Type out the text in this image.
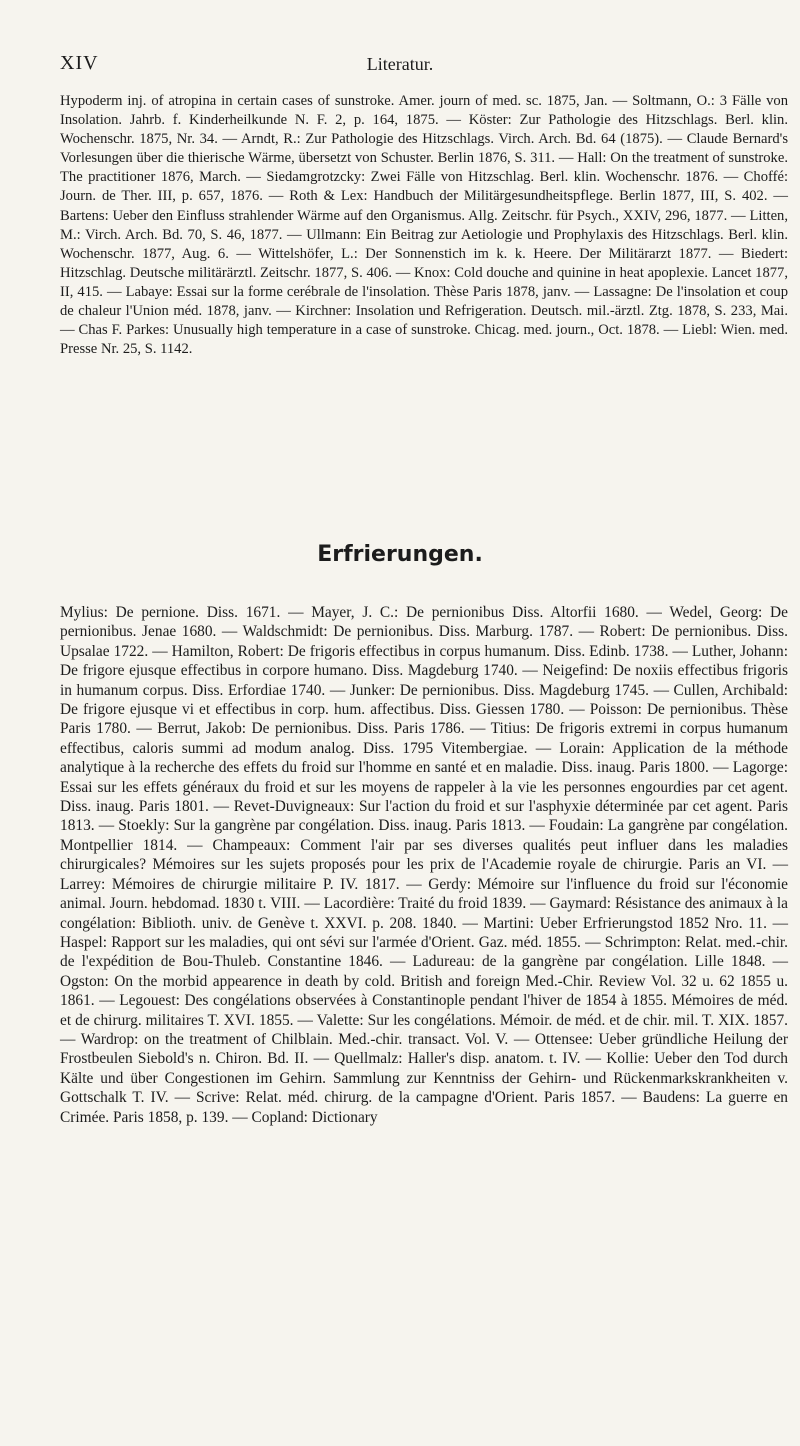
XIV	Literatur.

Hypoderm inj. of atropina in certain cases of sunstroke. Amer. journ of med. sc. 1875, Jan. — Soltmann, O.: 3 Fälle von Insolation. Jahrb. f. Kinderheilkunde N. F. 2, p. 164, 1875. — Köster: Zur Pathologie des Hitzschlags. Berl. klin. Wochenschr. 1875, Nr. 34. — Arndt, R.: Zur Pathologie des Hitzschlags. Virch. Arch. Bd. 64 (1875). — Claude Bernard's Vorlesungen über die thierische Wärme, übersetzt von Schuster. Berlin 1876, S. 311. — Hall: On the treatment of sunstroke. The practitioner 1876, March. — Siedamgrotzcky: Zwei Fälle von Hitzschlag. Berl. klin. Wochenschr. 1876. — Choffé: Journ. de Ther. III, p. 657, 1876. — Roth & Lex: Handbuch der Militärgesundheitspflege. Berlin 1877, III, S. 402. — Bartens: Ueber den Einfluss strahlender Wärme auf den Organismus. Allg. Zeitschr. für Psych., XXIV, 296, 1877. — Litten, M.: Virch. Arch. Bd. 70, S. 46, 1877. — Ullmann: Ein Beitrag zur Aetiologie und Prophylaxis des Hitzschlags. Berl. klin. Wochenschr. 1877, Aug. 6. — Wittelshöfer, L.: Der Sonnenstich im k. k. Heere. Der Militärarzt 1877. — Biedert: Hitzschlag. Deutsche militärärztl. Zeitschr. 1877, S. 406. — Knox: Cold douche and quinine in heat apoplexie. Lancet 1877, II, 415. — Labaye: Essai sur la forme cerébrale de l'insolation. Thèse Paris 1878, janv. — Lassagne: De l'insolation et coup de chaleur l'Union méd. 1878, janv. — Kirchner: Insolation und Refrigeration. Deutsch. mil.-ärztl. Ztg. 1878, S. 233, Mai. — Chas F. Parkes: Unusually high temperature in a case of sunstroke. Chicag. med. journ., Oct. 1878. — Liebl: Wien. med. Presse Nr. 25, S. 1142.

Erfrierungen.

Mylius: De pernione. Diss. 1671. — Mayer, J. C.: De pernionibus Diss. Altorfii 1680. — Wedel, Georg: De pernionibus. Jenae 1680. — Waldschmidt: De pernionibus. Diss. Marburg. 1787. — Robert: De pernionibus. Diss. Upsalae 1722. — Hamilton, Robert: De frigoris effectibus in corpus humanum. Diss. Edinb. 1738. — Luther, Johann: De frigore ejusque effectibus in corpore humano. Diss. Magdeburg 1740. — Neigefind: De noxiis effectibus frigoris in humanum corpus. Diss. Erfordiae 1740. — Junker: De pernionibus. Diss. Magdeburg 1745. — Cullen, Archibald: De frigore ejusque vi et effectibus in corp. hum. affectibus. Diss. Giessen 1780. — Poisson: De pernionibus. Thèse Paris 1780. — Berrut, Jakob: De pernionibus. Diss. Paris 1786. — Titius: De frigoris extremi in corpus humanum effectibus, caloris summi ad modum analog. Diss. 1795 Vitembergiae. — Lorain: Application de la méthode analytique à la recherche des effets du froid sur l'homme en santé et en maladie. Diss. inaug. Paris 1800. — Lagorge: Essai sur les effets généraux du froid et sur les moyens de rappeler à la vie les personnes engourdies par cet agent. Diss. inaug. Paris 1801. — Revet-Duvigneaux: Sur l'action du froid et sur l'asphyxie déterminée par cet agent. Paris 1813. — Stoekly: Sur la gangrène par congélation. Diss. inaug. Paris 1813. — Foudain: La gangrène par congélation. Montpellier 1814. — Champeaux: Comment l'air par ses diverses qualités peut influer dans les maladies chirurgicales? Mémoires sur les sujets proposés pour les prix de l'Academie royale de chirurgie. Paris an VI. — Larrey: Mémoires de chirurgie militaire P. IV. 1817. — Gerdy: Mémoire sur l'influence du froid sur l'économie animal. Journ. hebdomad. 1830 t. VIII. — Lacordière: Traité du froid 1839. — Gaymard: Résistance des animaux à la congélation: Biblioth. univ. de Genève t. XXVI. p. 208. 1840. — Martini: Ueber Erfrierungstod 1852 Nro. 11. — Haspel: Rapport sur les maladies, qui ont sévi sur l'armée d'Orient. Gaz. méd. 1855. — Schrimpton: Relat. med.-chir. de l'expédition de Bou-Thuleb. Constantine 1846. — Ladureau: de la gangrène par congélation. Lille 1848. — Ogston: On the morbid appearence in death by cold. British and foreign Med.-Chir. Review Vol. 32 u. 62 1855 u. 1861. — Legouest: Des congélations observées à Constantinople pendant l'hiver de 1854 à 1855. Mémoires de méd. et de chirurg. militaires T. XVI. 1855. — Valette: Sur les congélations. Mémoir. de méd. et de chir. mil. T. XIX. 1857. — Wardrop: on the treatment of Chilblain. Med.-chir. transact. Vol. V. — Ottensee: Ueber gründliche Heilung der Frostbeulen Siebold's n. Chiron. Bd. II. — Quellmalz: Haller's disp. anatom. t. IV. — Kollie: Ueber den Tod durch Kälte und über Congestionen im Gehirn. Sammlung zur Kenntniss der Gehirn- und Rückenmarkskrankheiten v. Gottschalk T. IV. — Scrive: Relat. méd. chirurg. de la campagne d'Orient. Paris 1857. — Baudens: La guerre en Crimée. Paris 1858, p. 139. — Copland: Dictionary
